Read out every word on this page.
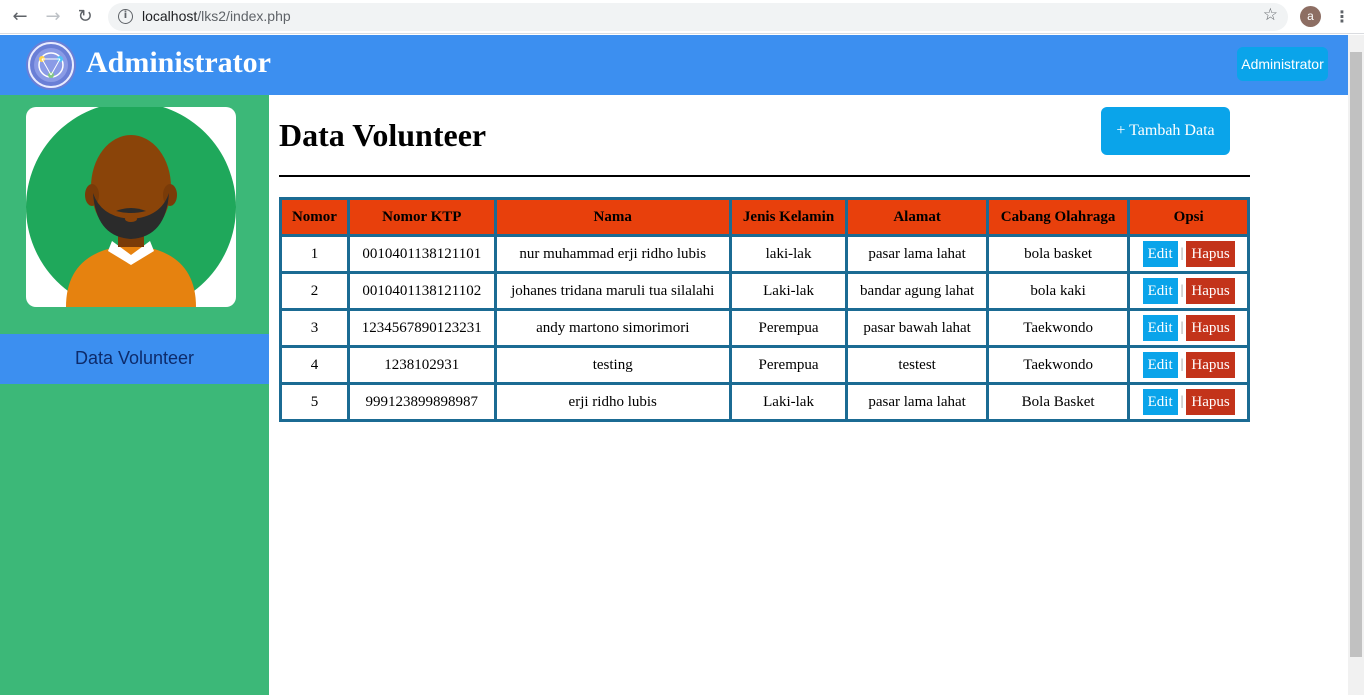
← → ↻	i	localhost/lks2/index.php	☆	a	⋮
Administrator	Administrator
Data Volunteer
Data Volunteer	+ Tambah Data
Nomor	Nomor KTP	Nama	Jenis Kelamin	Alamat	Cabang Olahraga	Opsi
1	0010401138121101	nur muhammad erji ridho lubis	laki-lak	pasar lama lahat	bola basket	Edit | Hapus
2	0010401138121102	johanes tridana maruli tua silalahi	Laki-lak	bandar agung lahat	bola kaki	Edit | Hapus
3	1234567890123231	andy martono simorimori	Perempua	pasar bawah lahat	Taekwondo	Edit | Hapus
4	1238102931	testing	Perempua	testest	Taekwondo	Edit | Hapus
5	999123899898987	erji ridho lubis	Laki-lak	pasar lama lahat	Bola Basket	Edit | Hapus
